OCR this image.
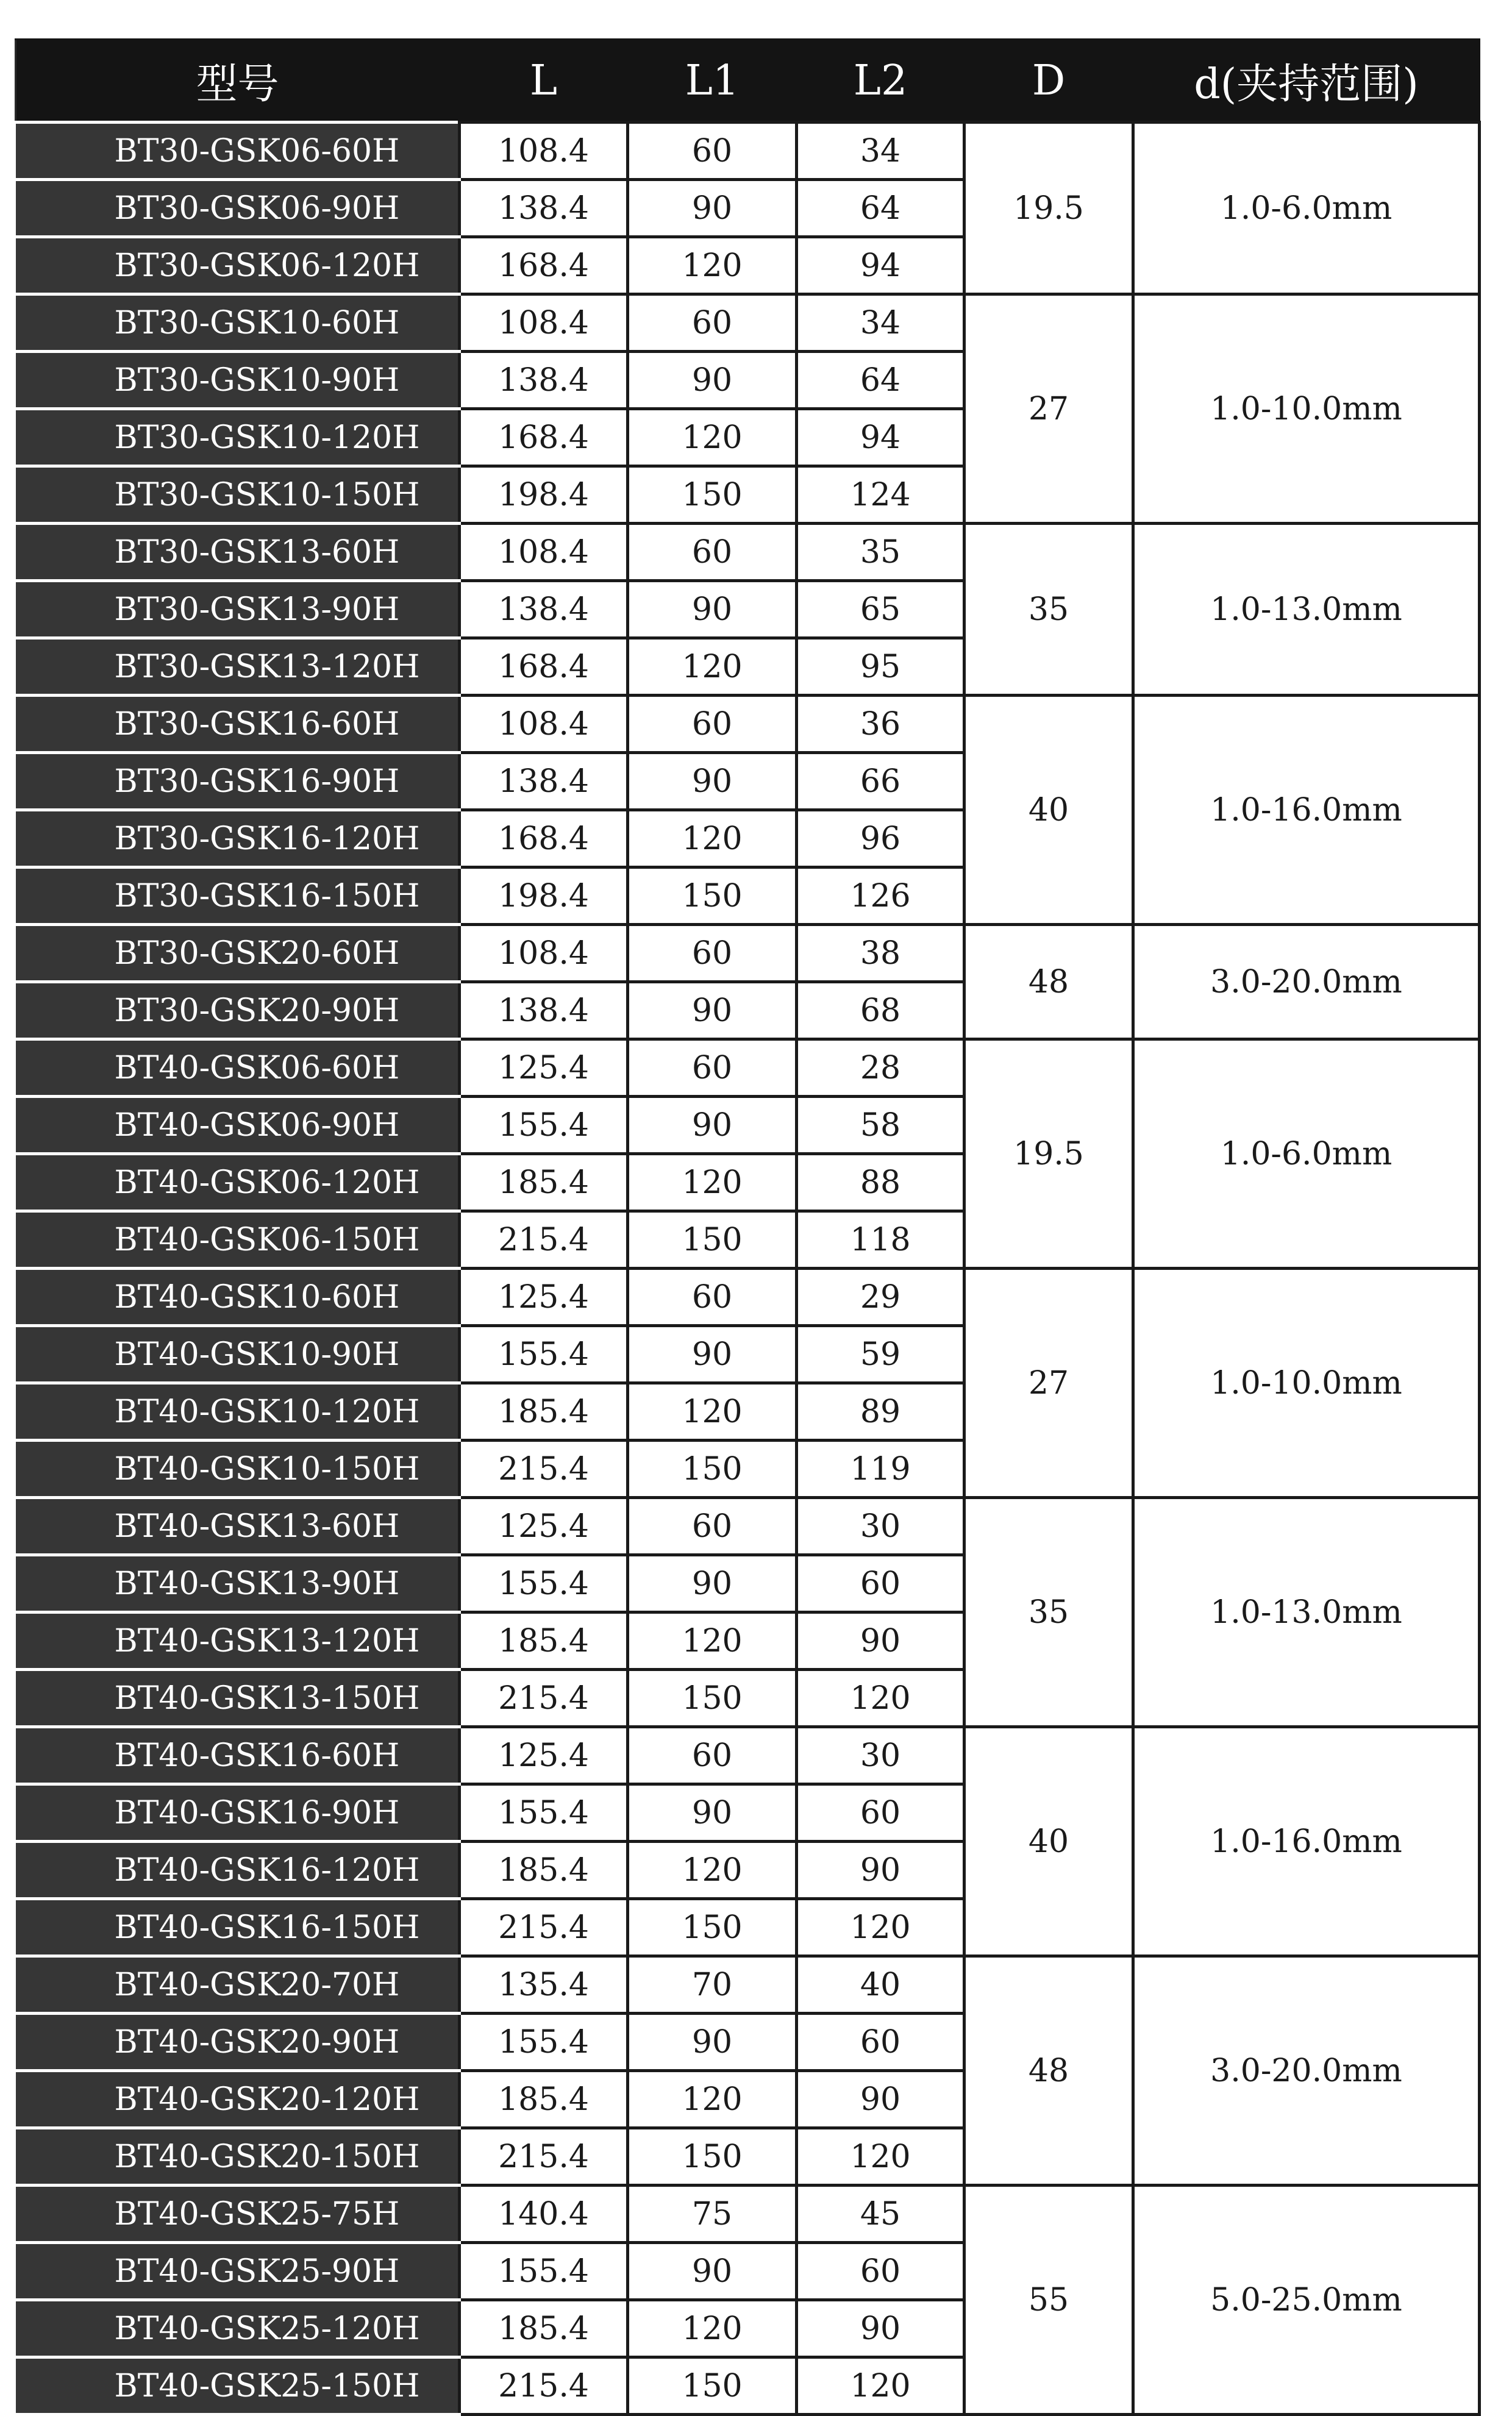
型号	L	L1	L2	D	d(夹持范围)
BT30-GSK06-60H	108.4	60	34	19.5	1.0-6.0mm
BT30-GSK06-90H	138.4	90	64		
BT30-GSK06-120H	168.4	120	94		
BT30-GSK10-60H	108.4	60	34	27	1.0-10.0mm
BT30-GSK10-90H	138.4	90	64		
BT30-GSK10-120H	168.4	120	94		
BT30-GSK10-150H	198.4	150	124		
BT30-GSK13-60H	108.4	60	35	35	1.0-13.0mm
BT30-GSK13-90H	138.4	90	65		
BT30-GSK13-120H	168.4	120	95		
BT30-GSK16-60H	108.4	60	36	40	1.0-16.0mm
BT30-GSK16-90H	138.4	90	66		
BT30-GSK16-120H	168.4	120	96		
BT30-GSK16-150H	198.4	150	126		
BT30-GSK20-60H	108.4	60	38	48	3.0-20.0mm
BT30-GSK20-90H	138.4	90	68		
BT40-GSK06-60H	125.4	60	28	19.5	1.0-6.0mm
BT40-GSK06-90H	155.4	90	58		
BT40-GSK06-120H	185.4	120	88		
BT40-GSK06-150H	215.4	150	118		
BT40-GSK10-60H	125.4	60	29	27	1.0-10.0mm
BT40-GSK10-90H	155.4	90	59		
BT40-GSK10-120H	185.4	120	89		
BT40-GSK10-150H	215.4	150	119		
BT40-GSK13-60H	125.4	60	30	35	1.0-13.0mm
BT40-GSK13-90H	155.4	90	60		
BT40-GSK13-120H	185.4	120	90		
BT40-GSK13-150H	215.4	150	120		
BT40-GSK16-60H	125.4	60	30	40	1.0-16.0mm
BT40-GSK16-90H	155.4	90	60		
BT40-GSK16-120H	185.4	120	90		
BT40-GSK16-150H	215.4	150	120		
BT40-GSK20-70H	135.4	70	40	48	3.0-20.0mm
BT40-GSK20-90H	155.4	90	60		
BT40-GSK20-120H	185.4	120	90		
BT40-GSK20-150H	215.4	150	120		
BT40-GSK25-75H	140.4	75	45	55	5.0-25.0mm
BT40-GSK25-90H	155.4	90	60		
BT40-GSK25-120H	185.4	120	90		
BT40-GSK25-150H	215.4	150	120		
